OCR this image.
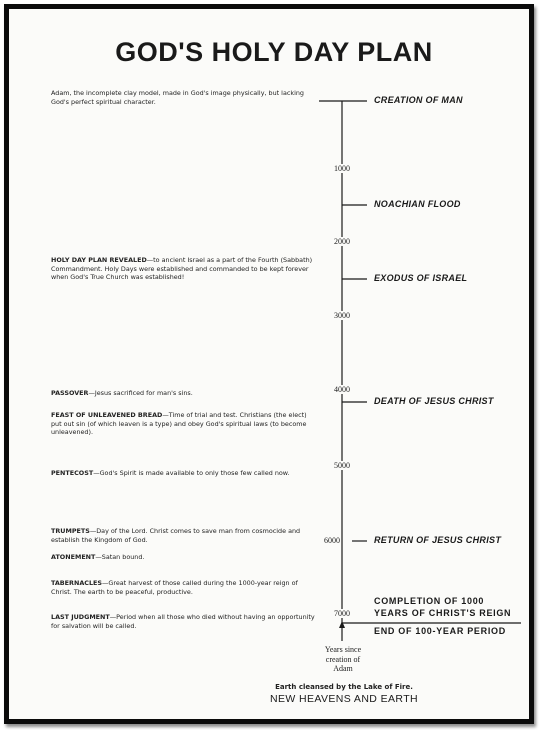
GOD'S HOLY DAY PLAN
Adam, the incomplete clay model, made in God's image physically, but lacking God's perfect spiritual character.
HOLY DAY PLAN REVEALED—to ancient Israel as a part of the Fourth (Sabbath) Commandment. Holy Days were established and commanded to be kept forever when God's True Church was established!
PASSOVER—Jesus sacrificed for man's sins.
FEAST OF UNLEAVENED BREAD—Time of trial and test. Christians (the elect) put out sin (of which leaven is a type) and obey God's spiritual laws (to become unleavened).
PENTECOST—God's Spirit is made available to only those few called now.
TRUMPETS—Day of the Lord. Christ comes to save man from cosmocide and establish the Kingdom of God.
ATONEMENT—Satan bound.
TABERNACLES—Great harvest of those called during the 1000-year reign of Christ. The earth to be peaceful, productive.
LAST JUDGMENT—Period when all those who died without having an opportunity for salvation will be called.
1000
2000
3000
4000
5000
6000
7000
CREATION OF MAN
NOACHIAN FLOOD
EXODUS OF ISRAEL
DEATH OF JESUS CHRIST
RETURN OF JESUS CHRIST
COMPLETION OF 1000
YEARS OF CHRIST'S REIGN
END OF 100-YEAR PERIOD
Years since creation of Adam
Earth cleansed by the Lake of Fire.
NEW HEAVENS AND EARTH
